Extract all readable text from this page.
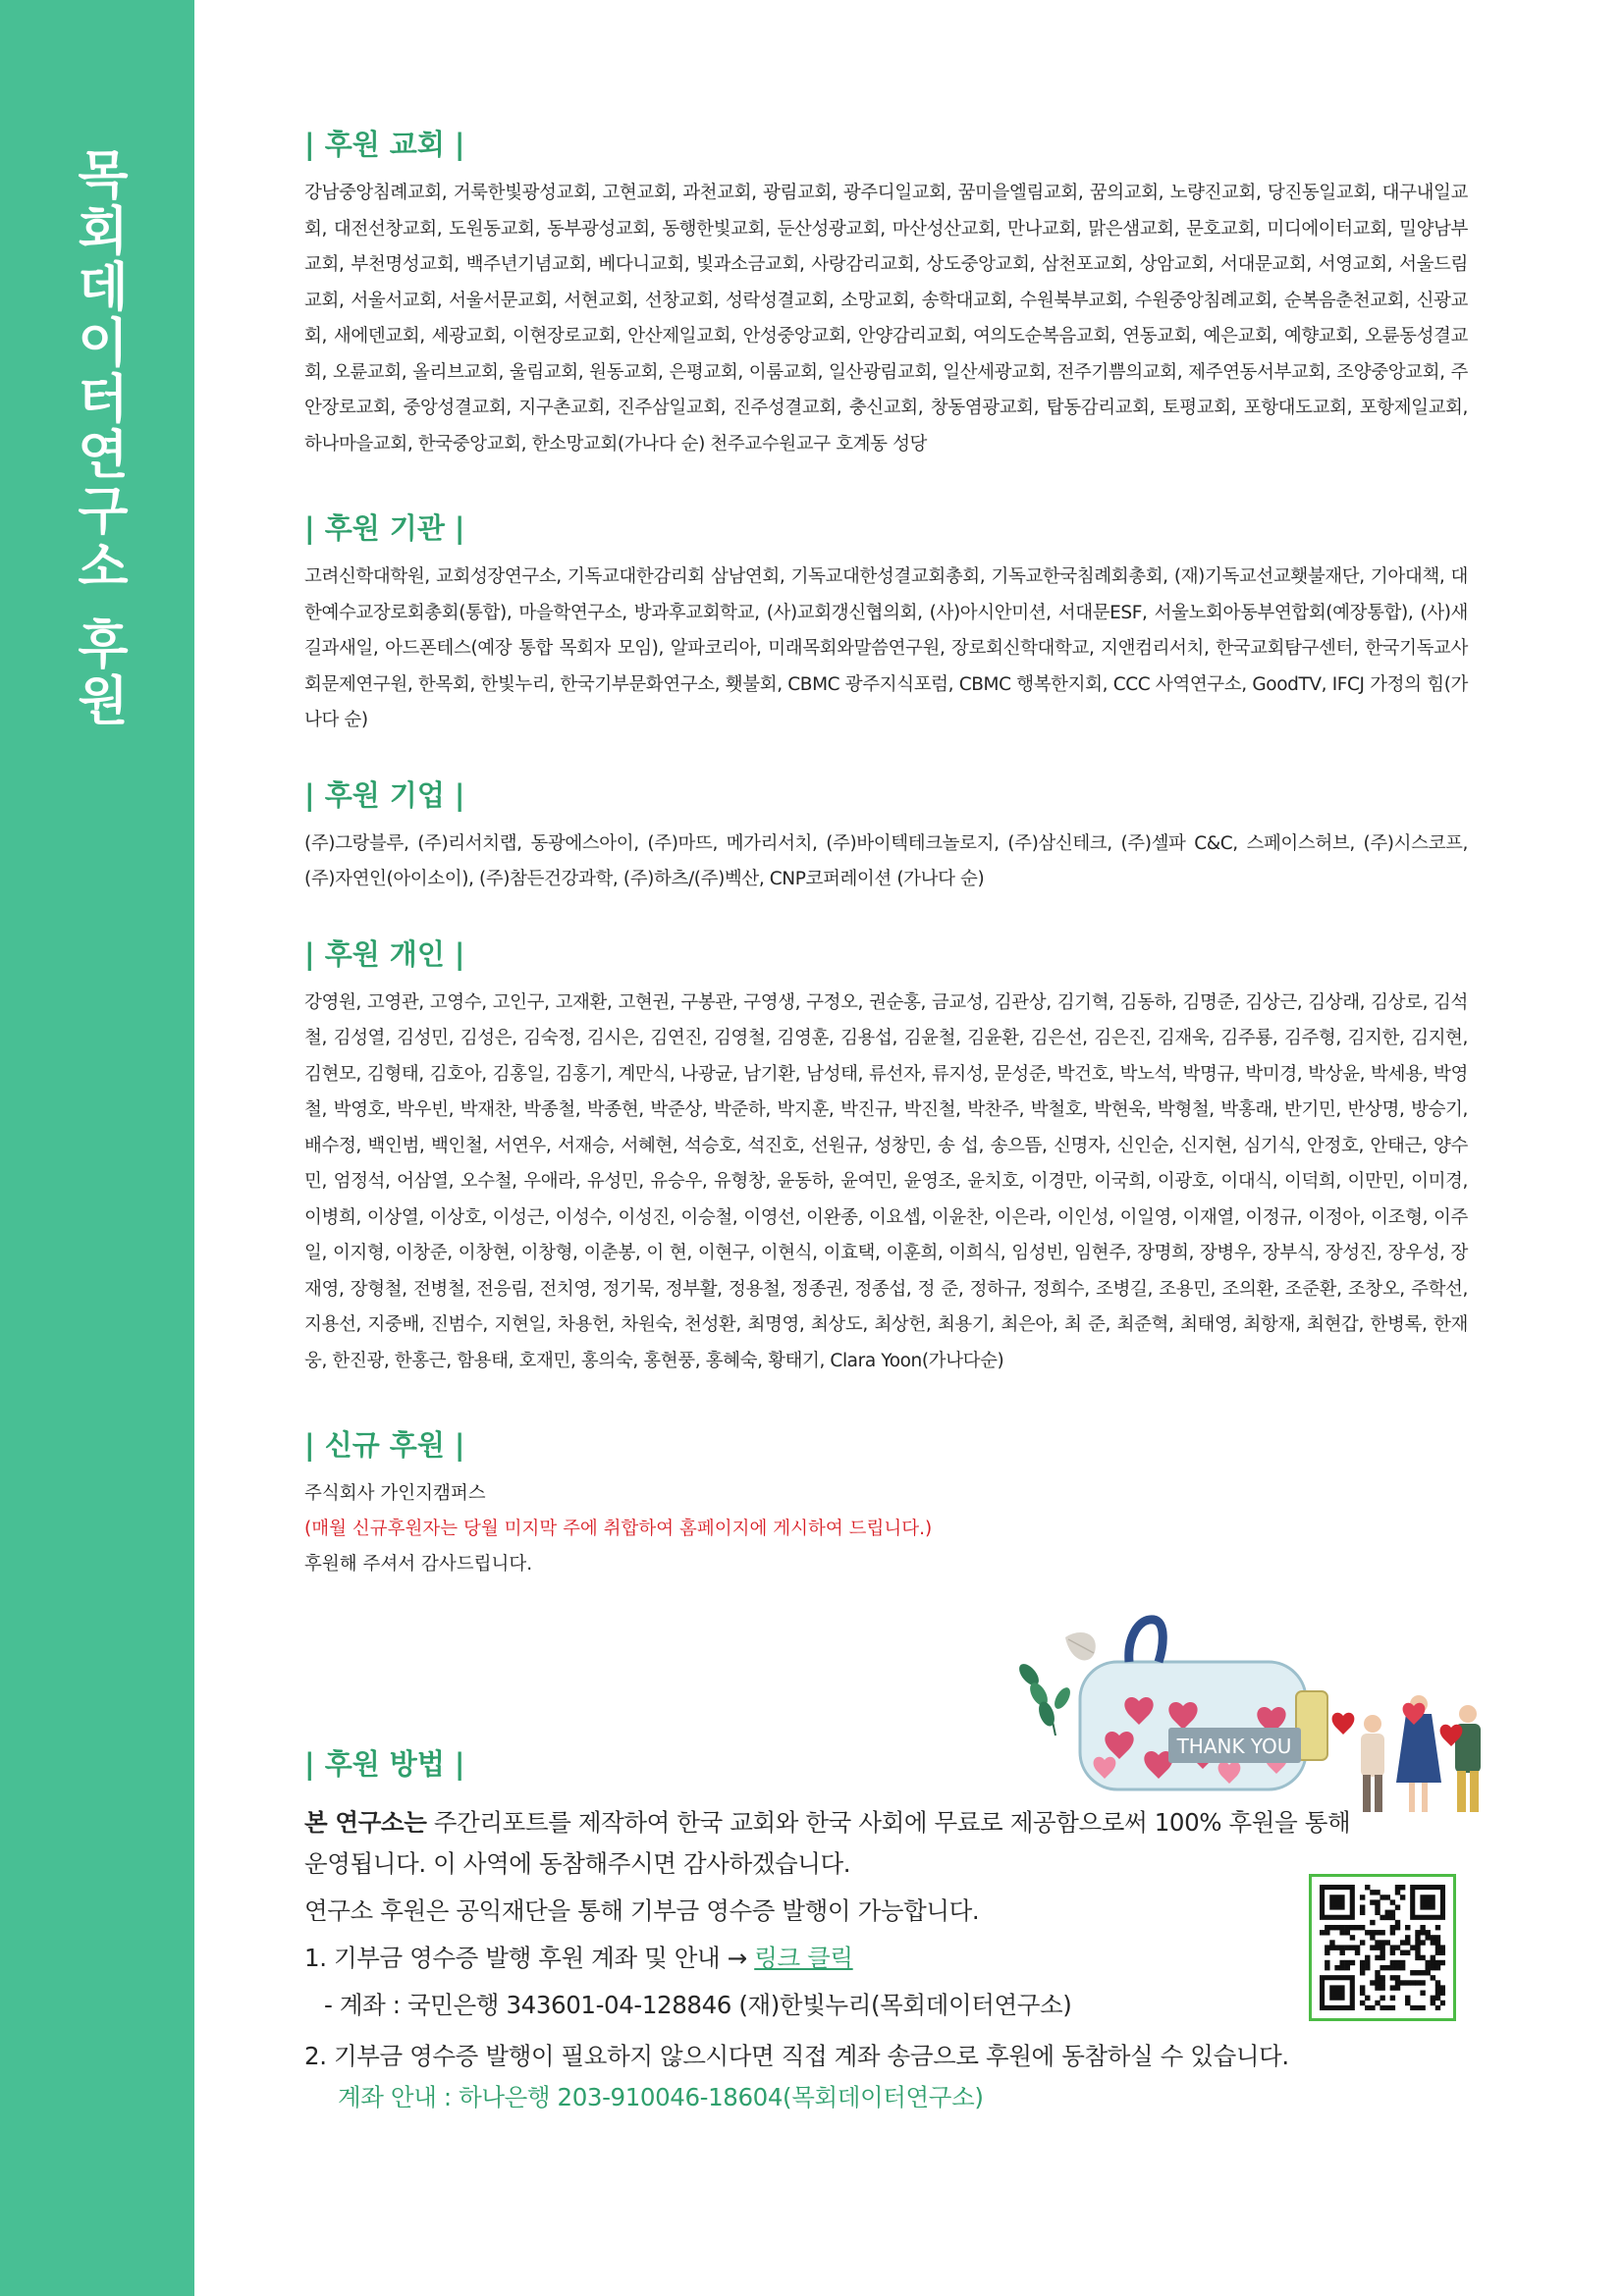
목회데이터연구소 후원
| 후원 교회 |

강남중앙침례교회, 거룩한빛광성교회, 고현교회, 과천교회, 광림교회, 광주디일교회, 꿈미을엘림교회, 꿈의교회, 노량진교회, 당진동일교회, 대구내일교회, 대전선창교회, 도원동교회, 동부광성교회, 동행한빛교회, 둔산성광교회, 마산성산교회, 만나교회, 맑은샘교회, 문호교회, 미디에이터교회, 밀양남부교회, 부천명성교회, 백주년기념교회, 베다니교회, 빛과소금교회, 사랑감리교회, 상도중앙교회, 삼천포교회, 상암교회, 서대문교회, 서영교회, 서울드림교회, 서울서교회, 서울서문교회, 서현교회, 선창교회, 성락성결교회, 소망교회, 송학대교회, 수원북부교회, 수원중앙침례교회, 순복음춘천교회, 신광교회, 새에덴교회, 세광교회, 이현장로교회, 안산제일교회, 안성중앙교회, 안양감리교회, 여의도순복음교회, 연동교회, 예은교회, 예향교회, 오륜동성결교회, 오륜교회, 올리브교회, 울림교회, 원동교회, 은평교회, 이룸교회, 일산광림교회, 일산세광교회, 전주기쁨의교회, 제주연동서부교회, 조양중앙교회, 주안장로교회, 중앙성결교회, 지구촌교회, 진주삼일교회, 진주성결교회, 충신교회, 창동염광교회, 탑동감리교회, 토평교회, 포항대도교회, 포항제일교회, 하나마을교회, 한국중앙교회, 한소망교회(가나다 순) 천주교수원교구 호계동 성당

| 후원 기관 |

고려신학대학원, 교회성장연구소, 기독교대한감리회 삼남연회, 기독교대한성결교회총회, 기독교한국침례회총회, (재)기독교선교횃불재단, 기아대책, 대한예수교장로회총회(통합), 마을학연구소, 방과후교회학교, (사)교회갱신협의회, (사)아시안미션, 서대문ESF, 서울노회아동부연합회(예장통합), (사)새길과새일, 아드폰테스(예장 통합 목회자 모임), 알파코리아, 미래목회와말씀연구원, 장로회신학대학교, 지앤컴리서치, 한국교회탐구센터, 한국기독교사회문제연구원, 한목회, 한빛누리, 한국기부문화연구소, 횃불회, CBMC 광주지식포럼, CBMC 행복한지회, CCC 사역연구소, GoodTV, IFCJ 가정의 힘(가나다 순)

| 후원 기업 |

(주)그랑블루, (주)리서치랩, 동광에스아이, (주)마뜨, 메가리서치, (주)바이텍테크놀로지, (주)삼신테크, (주)셀파 C&C, 스페이스허브, (주)시스코프, (주)자연인(아이소이), (주)참든건강과학, (주)하츠/(주)벡산, CNP코퍼레이션 (가나다 순)

| 후원 개인 |

강영원, 고영관, 고영수, 고인구, 고재환, 고현권, 구봉관, 구영생, 구정오, 권순홍, 금교성, 김관상, 김기혁, 김동하, 김명준, 김상근, 김상래, 김상로, 김석철, 김성열, 김성민, 김성은, 김숙정, 김시은, 김연진, 김영철, 김영훈, 김용섭, 김윤철, 김윤환, 김은선, 김은진, 김재욱, 김주룡, 김주형, 김지한, 김지현, 김현모, 김형태, 김호아, 김홍일, 김홍기, 계만식, 나광균, 남기환, 남성태, 류선자, 류지성, 문성준, 박건호, 박노석, 박명규, 박미경, 박상윤, 박세용, 박영철, 박영호, 박우빈, 박재찬, 박종철, 박종현, 박준상, 박준하, 박지훈, 박진규, 박진철, 박찬주, 박철호, 박현욱, 박형철, 박홍래, 반기민, 반상명, 방승기, 배수정, 백인범, 백인철, 서연우, 서재승, 서혜현, 석승호, 석진호, 선원규, 성창민, 송 섭, 송으뜸, 신명자, 신인순, 신지현, 심기식, 안정호, 안태근, 양수민, 엄정석, 어삼열, 오수철, 우애라, 유성민, 유승우, 유형창, 윤동하, 윤여민, 윤영조, 윤치호, 이경만, 이국희, 이광호, 이대식, 이덕희, 이만민, 이미경, 이병희, 이상열, 이상호, 이성근, 이성수, 이성진, 이승철, 이영선, 이완종, 이요셉, 이윤찬, 이은라, 이인성, 이일영, 이재열, 이정규, 이정아, 이조형, 이주일, 이지형, 이창준, 이창현, 이창형, 이춘봉, 이 현, 이현구, 이현식, 이효택, 이훈희, 이희식, 임성빈, 임현주, 장명희, 장병우, 장부식, 장성진, 장우성, 장재영, 장형철, 전병철, 전응림, 전치영, 정기묵, 정부활, 정용철, 정종권, 정종섭, 정 준, 정하규, 정희수, 조병길, 조용민, 조의환, 조준환, 조창오, 주학선, 지용선, 지중배, 진범수, 지현일, 차용헌, 차원숙, 천성환, 최명영, 최상도, 최상헌, 최용기, 최은아, 최 준, 최준혁, 최태영, 최항재, 최현갑, 한병록, 한재웅, 한진광, 한홍근, 함용태, 호재민, 홍의숙, 홍현풍, 홍혜숙, 황태기, Clara Yoon(가나다순)

| 신규 후원 |
주식회사 가인지캠퍼스
(매월 신규후원자는 당월 미지막 주에 취합하여 홈페이지에 게시하여 드립니다.)
후원해 주셔서 감사드립니다.
THANK YOU
| 후원 방법 |
본 연구소는 주간리포트를 제작하여 한국 교회와 한국 사회에 무료로 제공함으로써 100% 후원을 통해
운영됩니다. 이 사역에 동참해주시면 감사하겠습니다.
연구소 후원은 공익재단을 통해 기부금 영수증 발행이 가능합니다.
1. 기부금 영수증 발행 후원 계좌 및 안내 → 링크 클릭
- 계좌 : 국민은행 343601-04-128846 (재)한빛누리(목회데이터연구소)
2. 기부금 영수증 발행이 필요하지 않으시다면 직접 계좌 송금으로 후원에 동참하실 수 있습니다.
계좌 안내 : 하나은행 203-910046-18604(목회데이터연구소)
